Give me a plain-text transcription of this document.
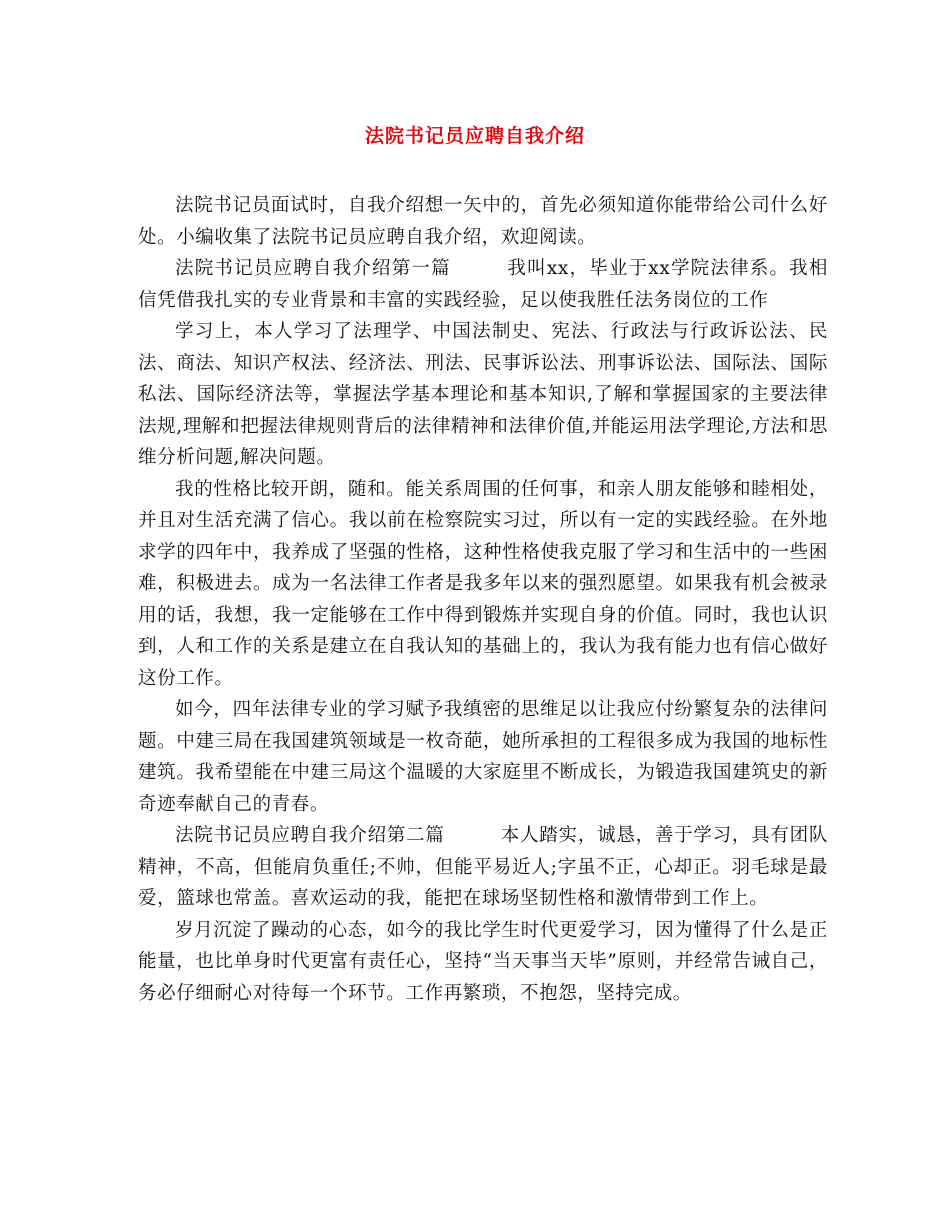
法院书记员应聘自我介绍

法院书记员面试时，自我介绍想一矢中的，首先必须知道你能带给公司什么好处。小编收集了法院书记员应聘自我介绍，欢迎阅读。

法院书记员应聘自我介绍第一篇	我叫xx，毕业于xx学院法律系。我相信凭借我扎实的专业背景和丰富的实践经验，足以使我胜任法务岗位的工作

学习上，本人学习了法理学、中国法制史、宪法、行政法与行政诉讼法、民法、商法、知识产权法、经济法、刑法、民事诉讼法、刑事诉讼法、国际法、国际私法、国际经济法等，掌握法学基本理论和基本知识,了解和掌握国家的主要法律法规,理解和把握法律规则背后的法律精神和法律价值,并能运用法学理论,方法和思维分析问题,解决问题。

我的性格比较开朗，随和。能关系周围的任何事，和亲人朋友能够和睦相处，并且对生活充满了信心。我以前在检察院实习过，所以有一定的实践经验。在外地求学的四年中，我养成了坚强的性格，这种性格使我克服了学习和生活中的一些困难，积极进去。成为一名法律工作者是我多年以来的强烈愿望。如果我有机会被录用的话，我想，我一定能够在工作中得到锻炼并实现自身的价值。同时，我也认识到，人和工作的关系是建立在自我认知的基础上的，我认为我有能力也有信心做好这份工作。

如今，四年法律专业的学习赋予我缜密的思维足以让我应付纷繁复杂的法律问题。中建三局在我国建筑领域是一枚奇葩，她所承担的工程很多成为我国的地标性建筑。我希望能在中建三局这个温暖的大家庭里不断成长，为锻造我国建筑史的新奇迹奉献自己的青春。

法院书记员应聘自我介绍第二篇	本人踏实，诚恳，善于学习，具有团队精神，不高，但能肩负重任;不帅，但能平易近人;字虽不正，心却正。羽毛球是最爱，篮球也常盖。喜欢运动的我，能把在球场坚韧性格和激情带到工作上。

岁月沉淀了躁动的心态，如今的我比学生时代更爱学习，因为懂得了什么是正能量，也比单身时代更富有责任心，坚持“当天事当天毕”原则，并经常告诫自己，务必仔细耐心对待每一个环节。工作再繁琐，不抱怨，坚持完成。
